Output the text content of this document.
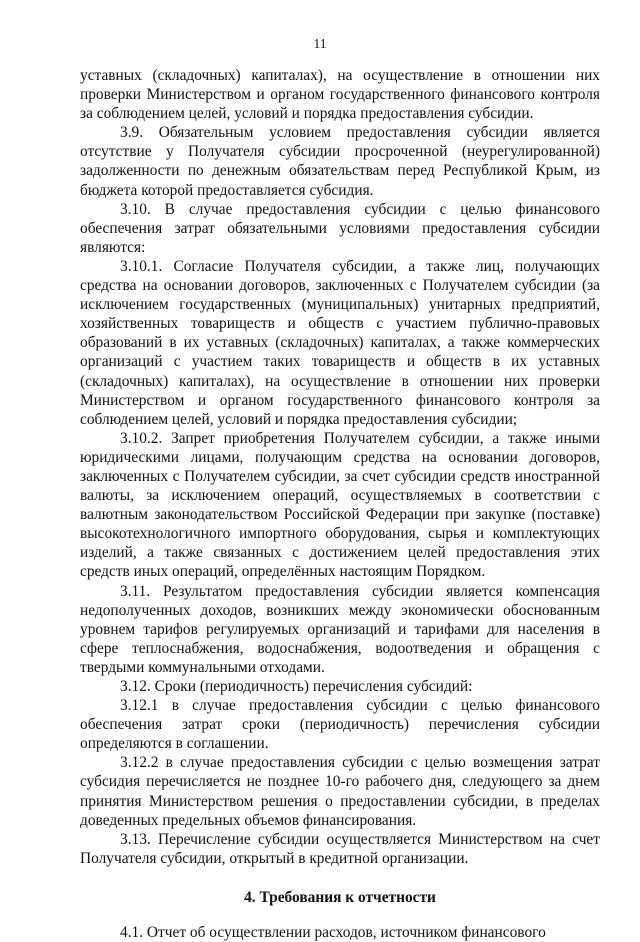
11

уставных (складочных) капиталах), на осуществление в отношении них проверки Министерством и органом государственного финансового контроля за соблюдением целей, условий и порядка предоставления субсидии.

3.9. Обязательным условием предоставления субсидии является отсутствие у Получателя субсидии просроченной (неурегулированной) задолженности по денежным обязательствам перед Республикой Крым, из бюджета которой предоставляется субсидия.

3.10. В случае предоставления субсидии с целью финансового обеспечения затрат обязательными условиями предоставления субсидии являются:

3.10.1. Согласие Получателя субсидии, а также лиц, получающих средства на основании договоров, заключенных с Получателем субсидии (за исключением государственных (муниципальных) унитарных предприятий, хозяйственных товариществ и обществ с участием публично-правовых образований в их уставных (складочных) капиталах, а также коммерческих организаций с участием таких товариществ и обществ в их уставных (складочных) капиталах), на осуществление в отношении них проверки Министерством и органом государственного финансового контроля за соблюдением целей, условий и порядка предоставления субсидии;

3.10.2. Запрет приобретения Получателем субсидии, а также иными юридическими лицами, получающим средства на основании договоров, заключенных с Получателем субсидии, за счет субсидии средств иностранной валюты, за исключением операций, осуществляемых в соответствии с валютным законодательством Российской Федерации при закупке (поставке) высокотехнологичного импортного оборудования, сырья и комплектующих изделий, а также связанных с достижением целей предоставления этих средств иных операций, определённых настоящим Порядком.

3.11. Результатом предоставления субсидии является компенсация недополученных доходов, возникших между экономически обоснованным уровнем тарифов регулируемых организаций и тарифами для населения в сфере теплоснабжения, водоснабжения, водоотведения и обращения с твердыми коммунальными отходами.

3.12. Сроки (периодичность) перечисления субсидий:

3.12.1 в случае предоставления субсидии с целью финансового обеспечения затрат сроки (периодичность) перечисления субсидии определяются в соглашении.

3.12.2 в случае предоставления субсидии с целью возмещения затрат субсидия перечисляется не позднее 10-го рабочего дня, следующего за днем принятия Министерством решения о предоставлении субсидии, в пределах доведенных предельных объемов финансирования.

3.13. Перечисление субсидии осуществляется Министерством на счет Получателя субсидии, открытый в кредитной организации.

4. Требования к отчетности

4.1. Отчет об осуществлении расходов, источником финансового
